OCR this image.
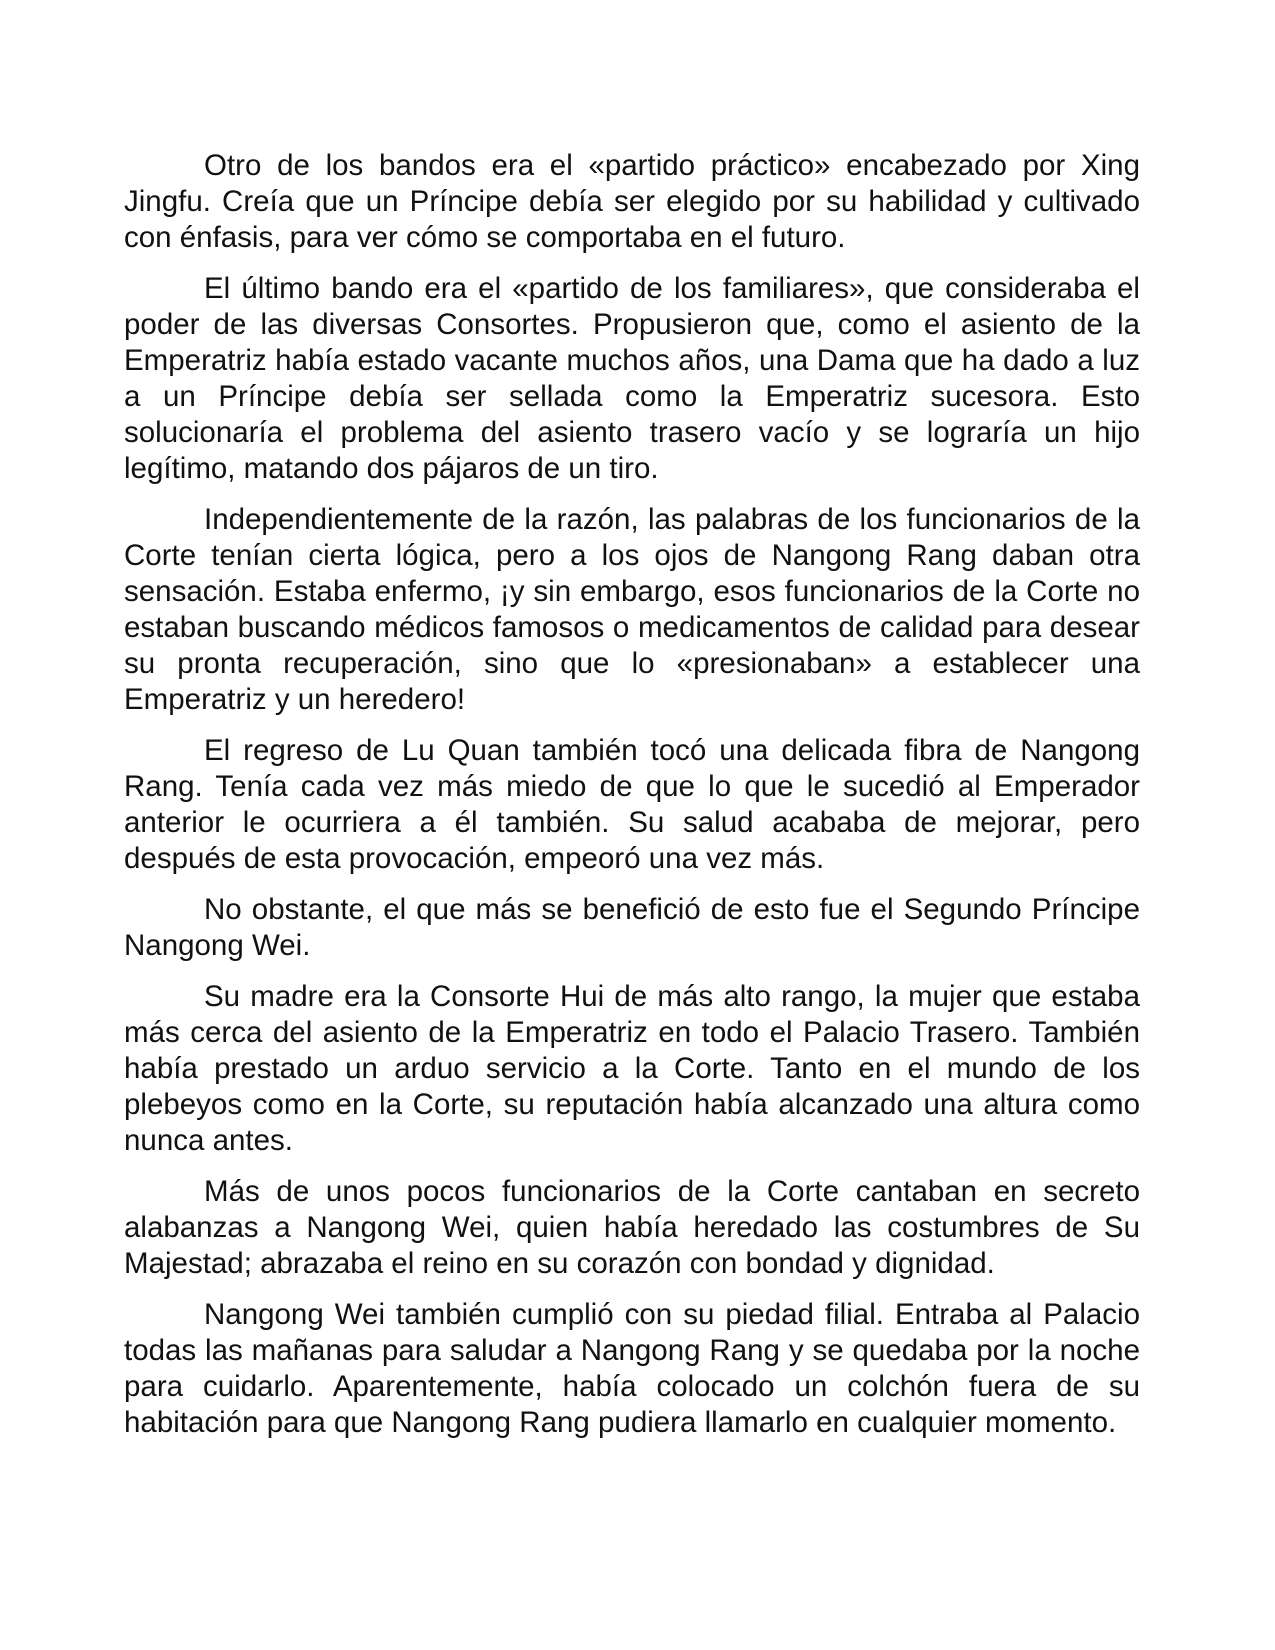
Otro de los bandos era el «partido práctico» encabezado por Xing Jingfu. Creía que un Príncipe debía ser elegido por su habilidad y cultivado con énfasis, para ver cómo se comportaba en el futuro.

El último bando era el «partido de los familiares», que consideraba el poder de las diversas Consortes. Propusieron que, como el asiento de la Emperatriz había estado vacante muchos años, una Dama que ha dado a luz a un Príncipe debía ser sellada como la Emperatriz sucesora. Esto solucionaría el problema del asiento trasero vacío y se lograría un hijo legítimo, matando dos pájaros de un tiro.

Independientemente de la razón, las palabras de los funcionarios de la Corte tenían cierta lógica, pero a los ojos de Nangong Rang daban otra sensación. Estaba enfermo, ¡y sin embargo, esos funcionarios de la Corte no estaban buscando médicos famosos o medicamentos de calidad para desear su pronta recuperación, sino que lo «presionaban» a establecer una Emperatriz y un heredero!

El regreso de Lu Quan también tocó una delicada fibra de Nangong Rang. Tenía cada vez más miedo de que lo que le sucedió al Emperador anterior le ocurriera a él también. Su salud acababa de mejorar, pero después de esta provocación, empeoró una vez más.

No obstante, el que más se benefició de esto fue el Segundo Príncipe Nangong Wei.

Su madre era la Consorte Hui de más alto rango, la mujer que estaba más cerca del asiento de la Emperatriz en todo el Palacio Trasero. También había prestado un arduo servicio a la Corte. Tanto en el mundo de los plebeyos como en la Corte, su reputación había alcanzado una altura como nunca antes.

Más de unos pocos funcionarios de la Corte cantaban en secreto alabanzas a Nangong Wei, quien había heredado las costumbres de Su Majestad; abrazaba el reino en su corazón con bondad y dignidad.

Nangong Wei también cumplió con su piedad filial. Entraba al Palacio todas las mañanas para saludar a Nangong Rang y se quedaba por la noche para cuidarlo. Aparentemente, había colocado un colchón fuera de su habitación para que Nangong Rang pudiera llamarlo en cualquier momento.
